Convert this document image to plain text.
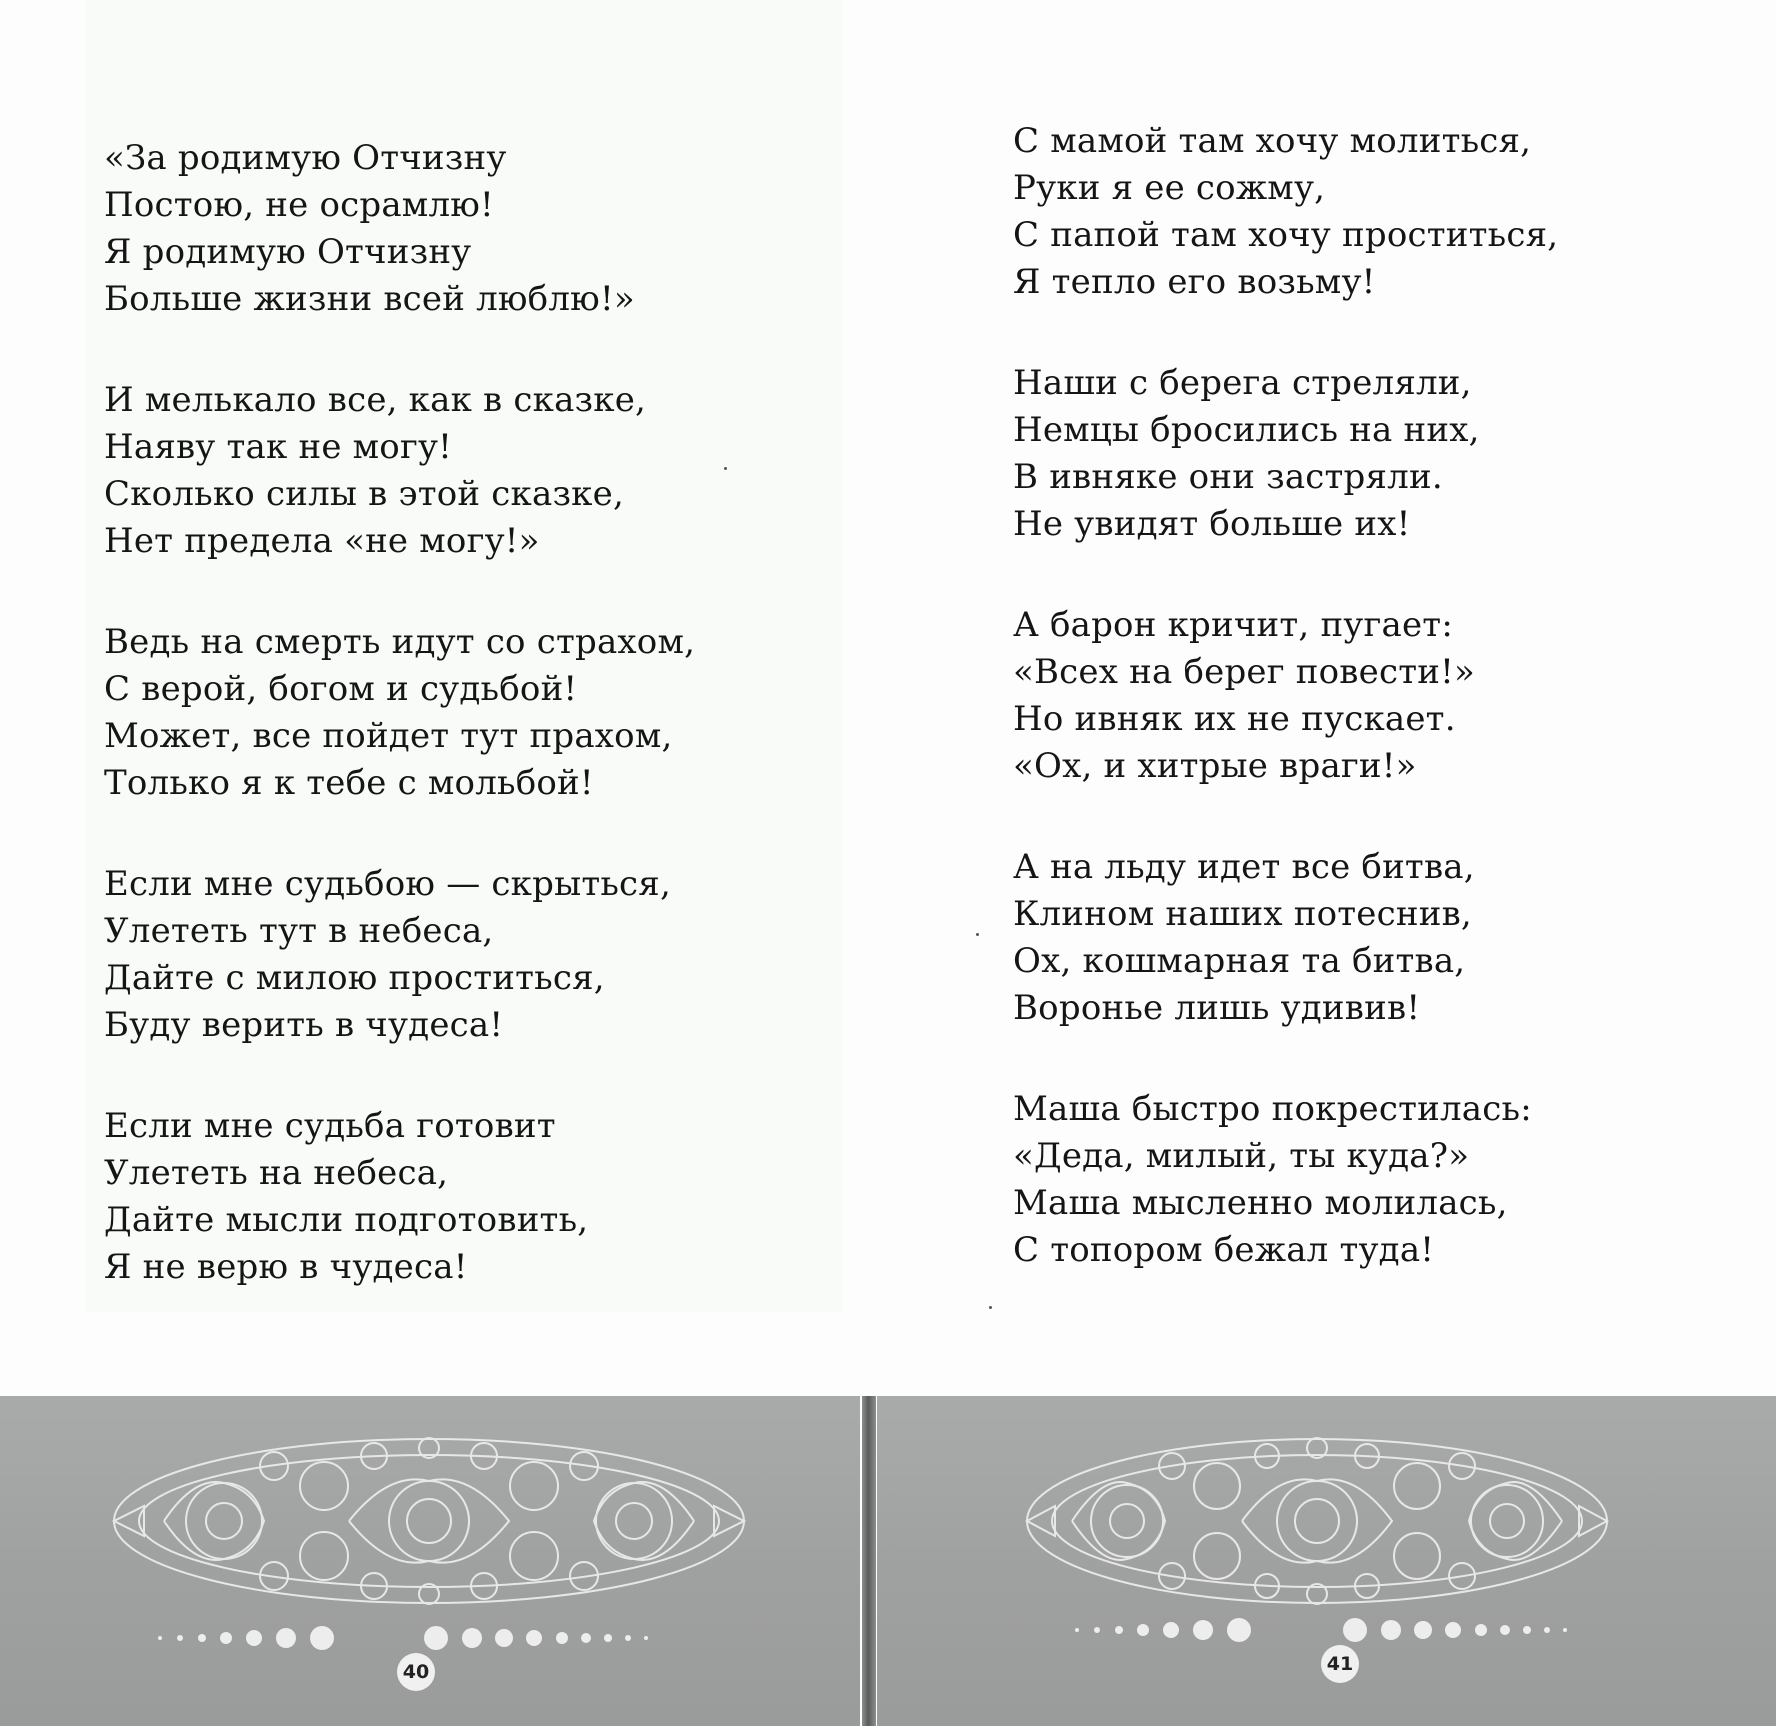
«За родимую Отчизну
Постою, не осрамлю!
Я родимую Отчизну
Больше жизни всей люблю!»
И мелькало все, как в сказке,
Наяву так не могу!
Сколько силы в этой сказке,
Нет предела «не могу!»
Ведь на смерть идут со страхом,
С верой, богом и судьбой!
Может, все пойдет тут прахом,
Только я к тебе с мольбой!
Если мне судьбою — скрыться,
Улететь тут в небеса,
Дайте с милою проститься,
Буду верить в чудеса!
Если мне судьба готовит
Улететь на небеса,
Дайте мысли подготовить,
Я не верю в чудеса!
40
С мамой там хочу молиться,
Руки я ее сожму,
С папой там хочу проститься,
Я тепло его возьму!
Наши с берега стреляли,
Немцы бросились на них,
В ивняке они застряли.
Не увидят больше их!
А барон кричит, пугает:
«Всех на берег повести!»
Но ивняк их не пускает.
«Ох, и хитрые враги!»
А на льду идет все битва,
Клином наших потеснив,
Ох, кошмарная та битва,
Воронье лишь удивив!
Маша быстро покрестилась:
«Деда, милый, ты куда?»
Маша мысленно молилась,
С топором бежал туда!
41
